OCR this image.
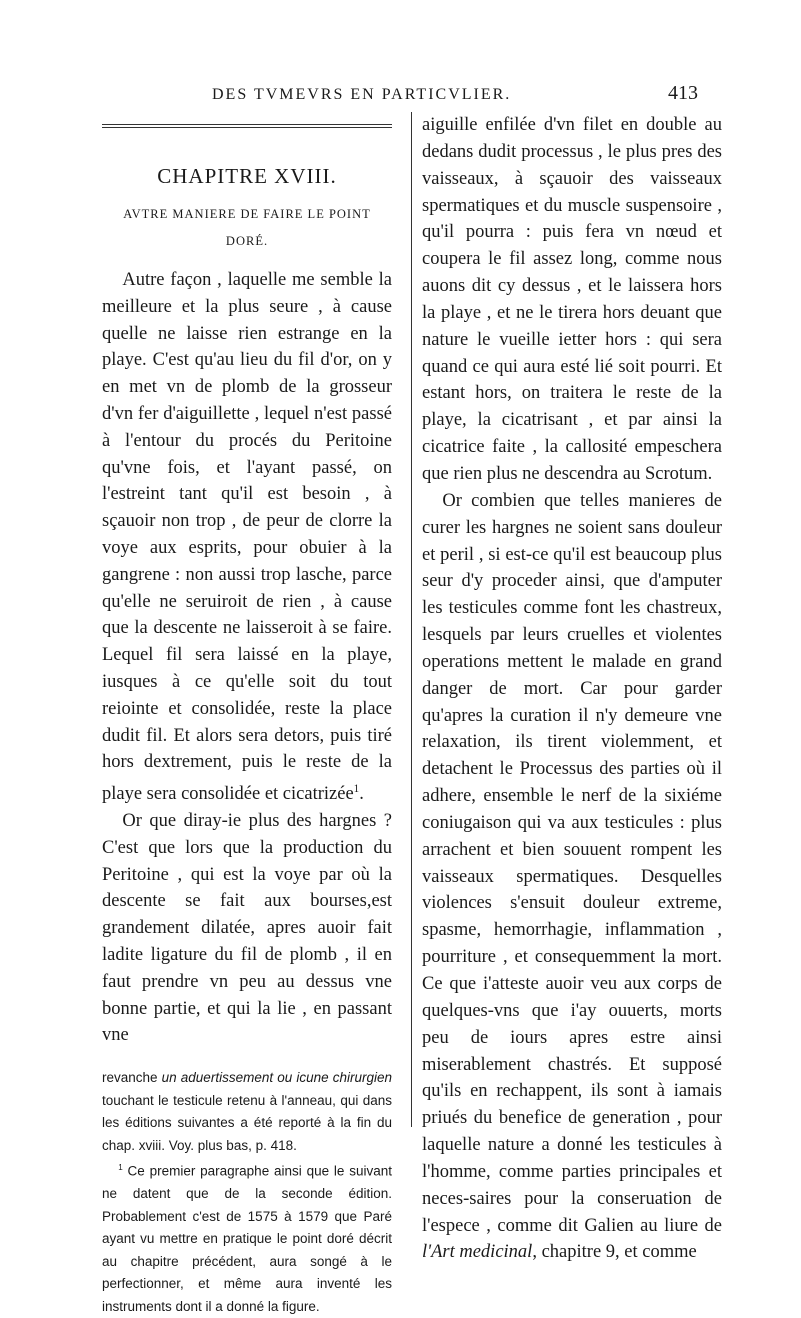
DES TVMEVRS EN PARTICVLIER.	413
CHAPITRE XVIII.
AVTRE MANIERE DE FAIRE LE POINT
DORÉ.

Autre façon , laquelle me semble la meilleure et la plus seure , à cause quelle ne laisse rien estrange en la playe. C'est qu'au lieu du fil d'or, on y en met vn de plomb de la grosseur d'vn fer d'aiguillette , lequel n'est passé à l'entour du procés du Peritoine qu'vne fois, et l'ayant passé, on l'estreint tant qu'il est besoin , à sçauoir non trop , de peur de clorre la voye aux esprits, pour obuier à la gangrene : non aussi trop lasche, parce qu'elle ne seruiroit de rien , à cause que la descente ne laisseroit à se faire. Lequel fil sera laissé en la playe, iusques à ce qu'elle soit du tout reiointe et consolidée, reste la place dudit fil. Et alors sera detors, puis tiré hors dextrement, puis le reste de la playe sera consolidée et cicatrizée$^1$.

Or que diray-ie plus des hargnes ? C'est que lors que la production du Peritoine , qui est la voye par où la descente se fait aux bourses,est grandement dilatée, apres auoir fait ladite ligature du fil de plomb , il en faut prendre vn peu au dessus vne bonne partie, et qui la lie , en passant vne

revanche un aduertissement ou icune chirurgien touchant le testicule retenu à l'anneau, qui dans les éditions suivantes a été reporté à la fin du chap. xviii. Voy. plus bas, p. 418.

$^1$ Ce premier paragraphe ainsi que le suivant ne datent que de la seconde édition. Probablement c'est de 1575 à 1579 que Paré ayant vu mettre en pratique le point doré décrit au chapitre précédent, aura songé à le perfectionner, et même aura inventé les instruments dont il a donné la figure.

aiguille enfilée d'vn filet en double au dedans dudit processus , le plus pres des vaisseaux, à sçauoir des vaisseaux spermatiques et du muscle suspensoire , qu'il pourra : puis fera vn nœud et coupera le fil assez long, comme nous auons dit cy dessus , et le laissera hors la playe , et ne le tirera hors deuant que nature le vueille ietter hors : qui sera quand ce qui aura esté lié soit pourri. Et estant hors, on traitera le reste de la playe, la cicatrisant , et par ainsi la cicatrice faite , la callosité empeschera que rien plus ne descendra au Scrotum.

Or combien que telles manieres de curer les hargnes ne soient sans douleur et peril , si est-ce qu'il est beaucoup plus seur d'y proceder ainsi, que d'amputer les testicules comme font les chastreux, lesquels par leurs cruelles et violentes operations mettent le malade en grand danger de mort. Car pour garder qu'apres la curation il n'y demeure vne relaxation, ils tirent violemment, et detachent le Processus des parties où il adhere, ensemble le nerf de la sixiéme coniugaison qui va aux testicules : plus arrachent et bien souuent rompent les vaisseaux spermatiques. Desquelles violences s'ensuit douleur extreme, spasme, hemorrhagie, inflammation , pourriture , et consequemment la mort. Ce que i'atteste auoir veu aux corps de quelques-vns que i'ay ouuerts, morts peu de iours apres estre ainsi miserablement chastrés. Et supposé qu'ils en rechappent, ils sont à iamais priués du benefice de generation , pour laquelle nature a donné les testicules à l'homme, comme parties principales et neces-saires pour la conseruation de l'espece , comme dit Galien au liure de l'Art medicinal, chapitre 9, et comme
